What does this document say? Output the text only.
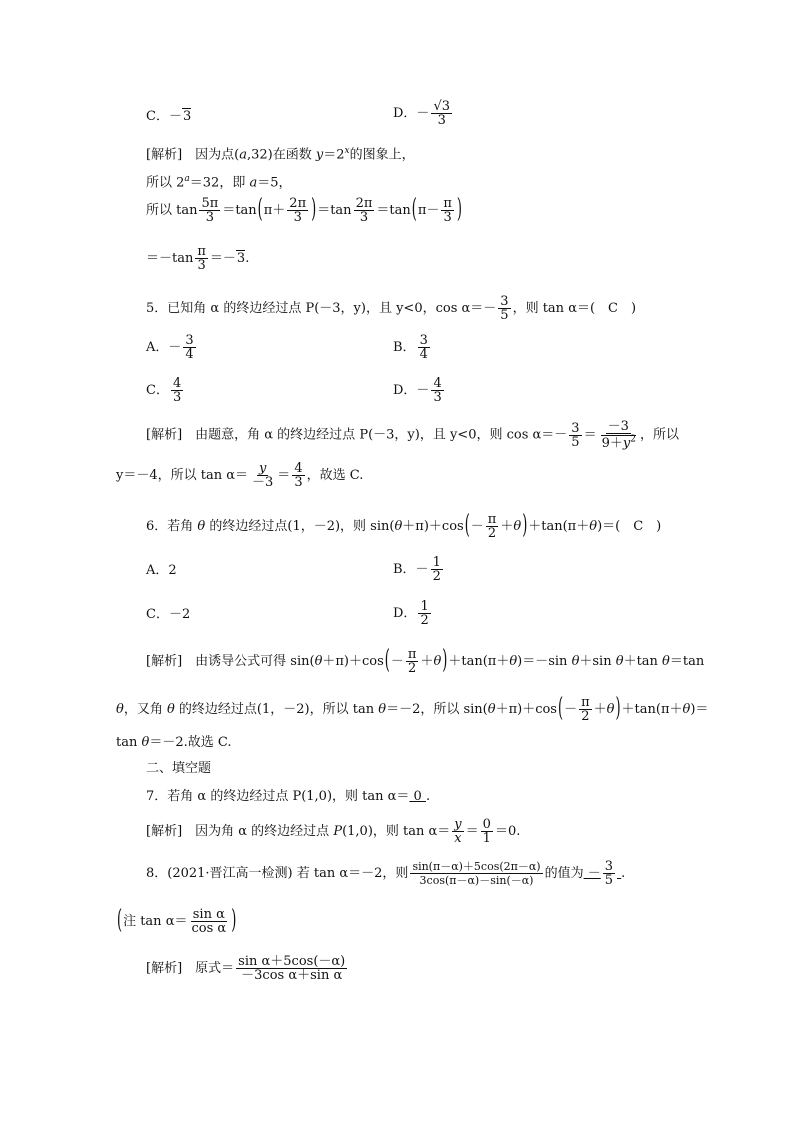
C．－3	D．－ $\frac{√3}{3}$
[解析]　因为点(a,32)在函数 $y=2^x$的图象上，
所以 $2^a=32$，即 a＝5，
所以 $\tan \frac{5\pi}{3} =\tan(\pi+ \frac{2\pi}{3} )=\tan \frac{2\pi}{3} =\tan(\pi- \frac{\pi}{3}$ )
$=-\tan \frac{\pi}{3} =-3$.
5．已知角 α 的终边经过点 P(－3，y)，且 y<0，$\cos \alpha=- \frac{3}{5}$ ，则 tan α＝(　C　)
A．－ $\frac{3}{4}$	B． $\frac{3}{4}$
C． $\frac{4}{3}$	D．－ $\frac{4}{3}$
[解析]　由题意，角 α 的终边经过点 P(－3，y)，且 y<0，则 $\cos \alpha=- \frac{3}{5} = \frac{-3}{9+y^2}$ ，所以
y＝－4，所以 $\tan \alpha= \frac{y}{-3} = \frac{4}{3}$ ，故选 C.
6．若角 θ 的终边经过点(1，－2)，则 $\sin(\theta+\pi)+\cos(- \frac{\pi}{2} +\theta)+\tan(\pi+\theta)=$(　C　)
A．2	B．－ $\frac{1}{2}$
C．－2	D． $\frac{1}{2}$
[解析]　由诱导公式可得 $\sin(\theta+\pi)+\cos(- \frac{\pi}{2} +\theta)+\tan(\pi+\theta)=-\sin$ θ＋sin θ＋tan θ＝tan
θ，又角 θ 的终边经过点(1，－2)，所以 tan θ＝－2，所以 $\sin(\theta+\pi)+\cos(- \frac{\pi}{2} +\theta)+\tan(\pi+\theta)=$
tan θ＝－2.故选 C.
二、填空题
7．若角 α 的终边经过点 P(1,0)，则 tan α＝ 0 .
[解析]　因为角 α 的终边经过点 P(1,0)，则 $\tan \alpha= \frac{y}{x} = \frac{0}{1} =0$.
8．(2021·晋江高一检测) 若 tan α＝－2，则 $\frac{\sin(\pi-\alpha)+5\cos(2\pi-\alpha)}{3\cos(\pi-\alpha)-\sin(-\alpha)}$ 的值为 － $\frac{3}{5}$ .
(注 $\tan \alpha= \frac{\text{sin α}}{\text{cos α}}$ )
[解析]　原式＝ $\frac{\text{sin α＋5cos(－α)}}{\text{－3cos α＋sin α}}$
